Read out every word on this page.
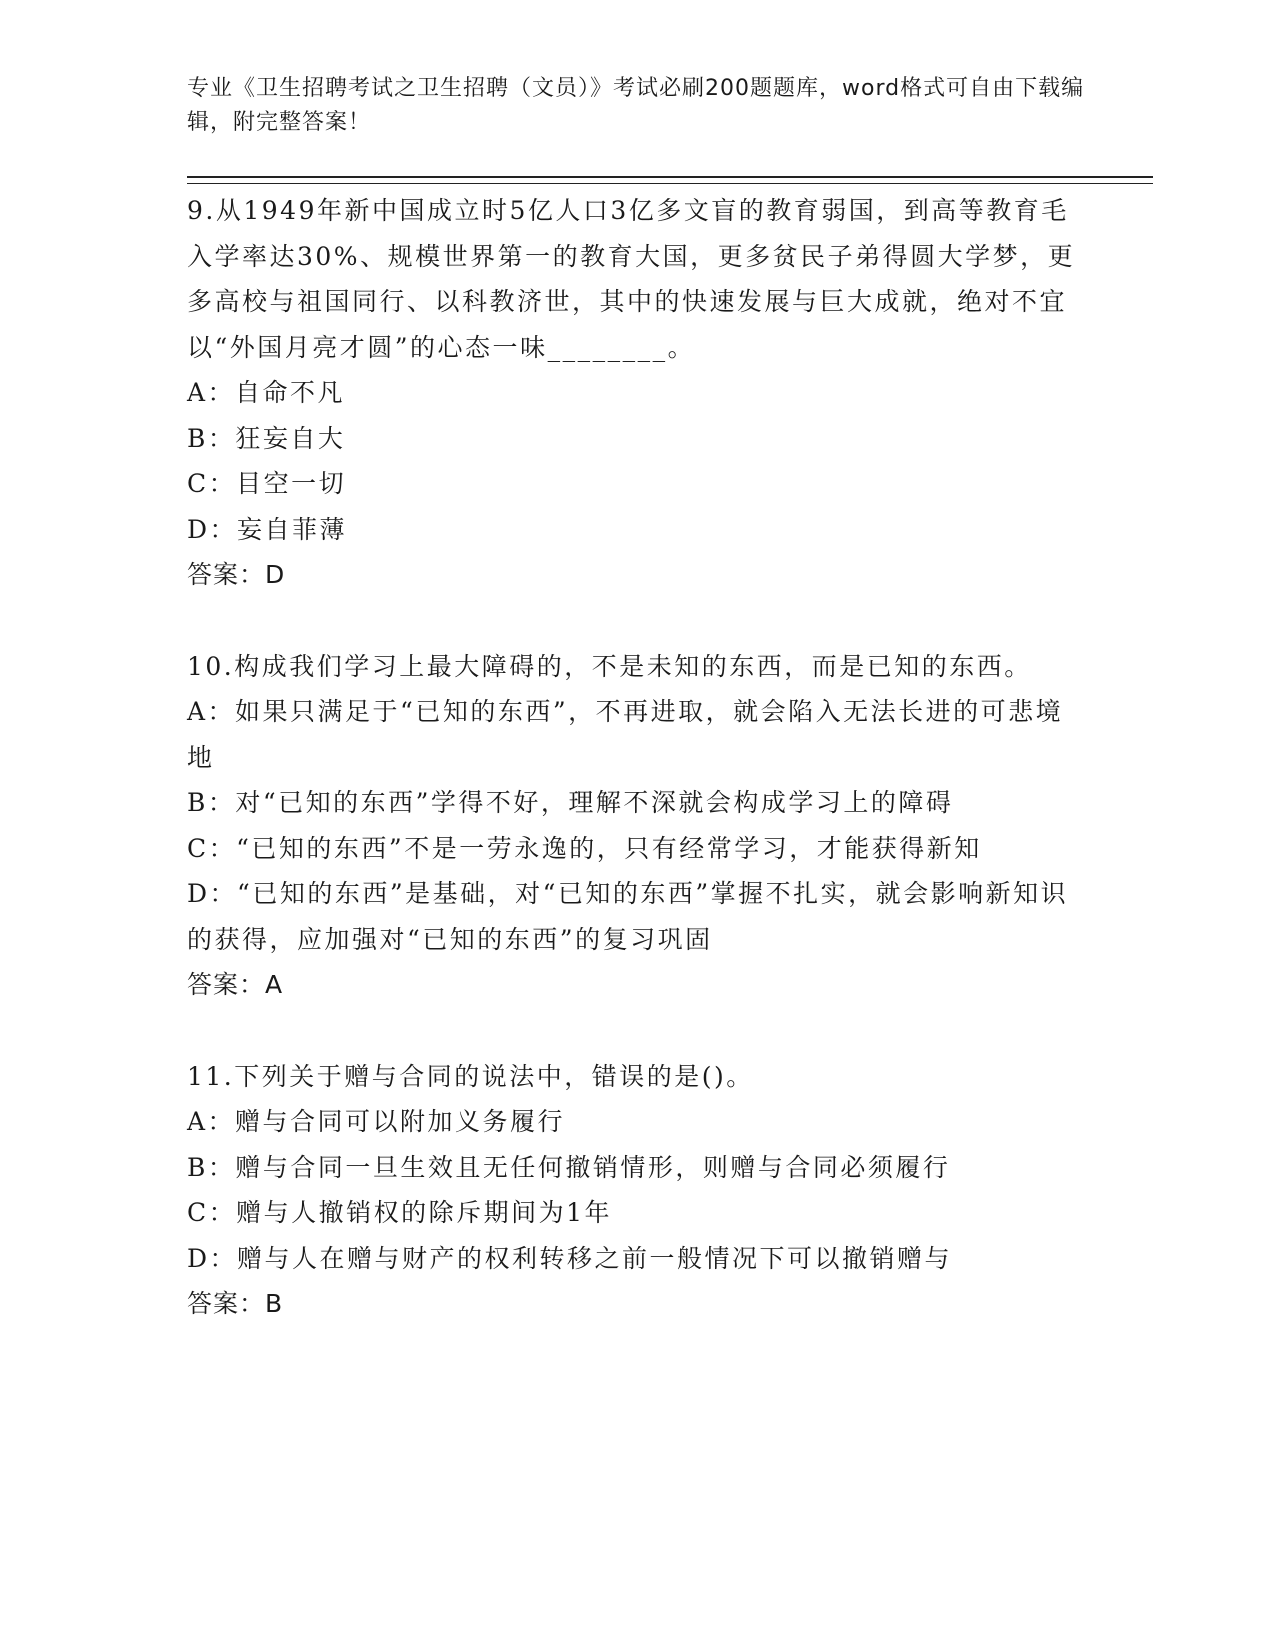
专业《卫生招聘考试之卫生招聘（文员）》考试必刷200题题库，word格式可自由下载编辑，附完整答案！

9.从1949年新中国成立时5亿人口3亿多文盲的教育弱国，到高等教育毛入学率达30%、规模世界第一的教育大国，更多贫民子弟得圆大学梦，更多高校与祖国同行、以科教济世，其中的快速发展与巨大成就，绝对不宜以“外国月亮才圆”的心态一味________。

A：自命不凡

B：狂妄自大

C：目空一切

D：妄自菲薄

答案：D

10.构成我们学习上最大障碍的，不是未知的东西，而是已知的东西。

A：如果只满足于“已知的东西”，不再进取，就会陷入无法长进的可悲境地

B：对“已知的东西”学得不好，理解不深就会构成学习上的障碍

C：“已知的东西”不是一劳永逸的，只有经常学习，才能获得新知

D：“已知的东西”是基础，对“已知的东西”掌握不扎实，就会影响新知识的获得，应加强对“已知的东西”的复习巩固

答案：A

11.下列关于赠与合同的说法中，错误的是()。

A：赠与合同可以附加义务履行

B：赠与合同一旦生效且无任何撤销情形，则赠与合同必须履行

C：赠与人撤销权的除斥期间为1年

D：赠与人在赠与财产的权利转移之前一般情况下可以撤销赠与

答案：B
